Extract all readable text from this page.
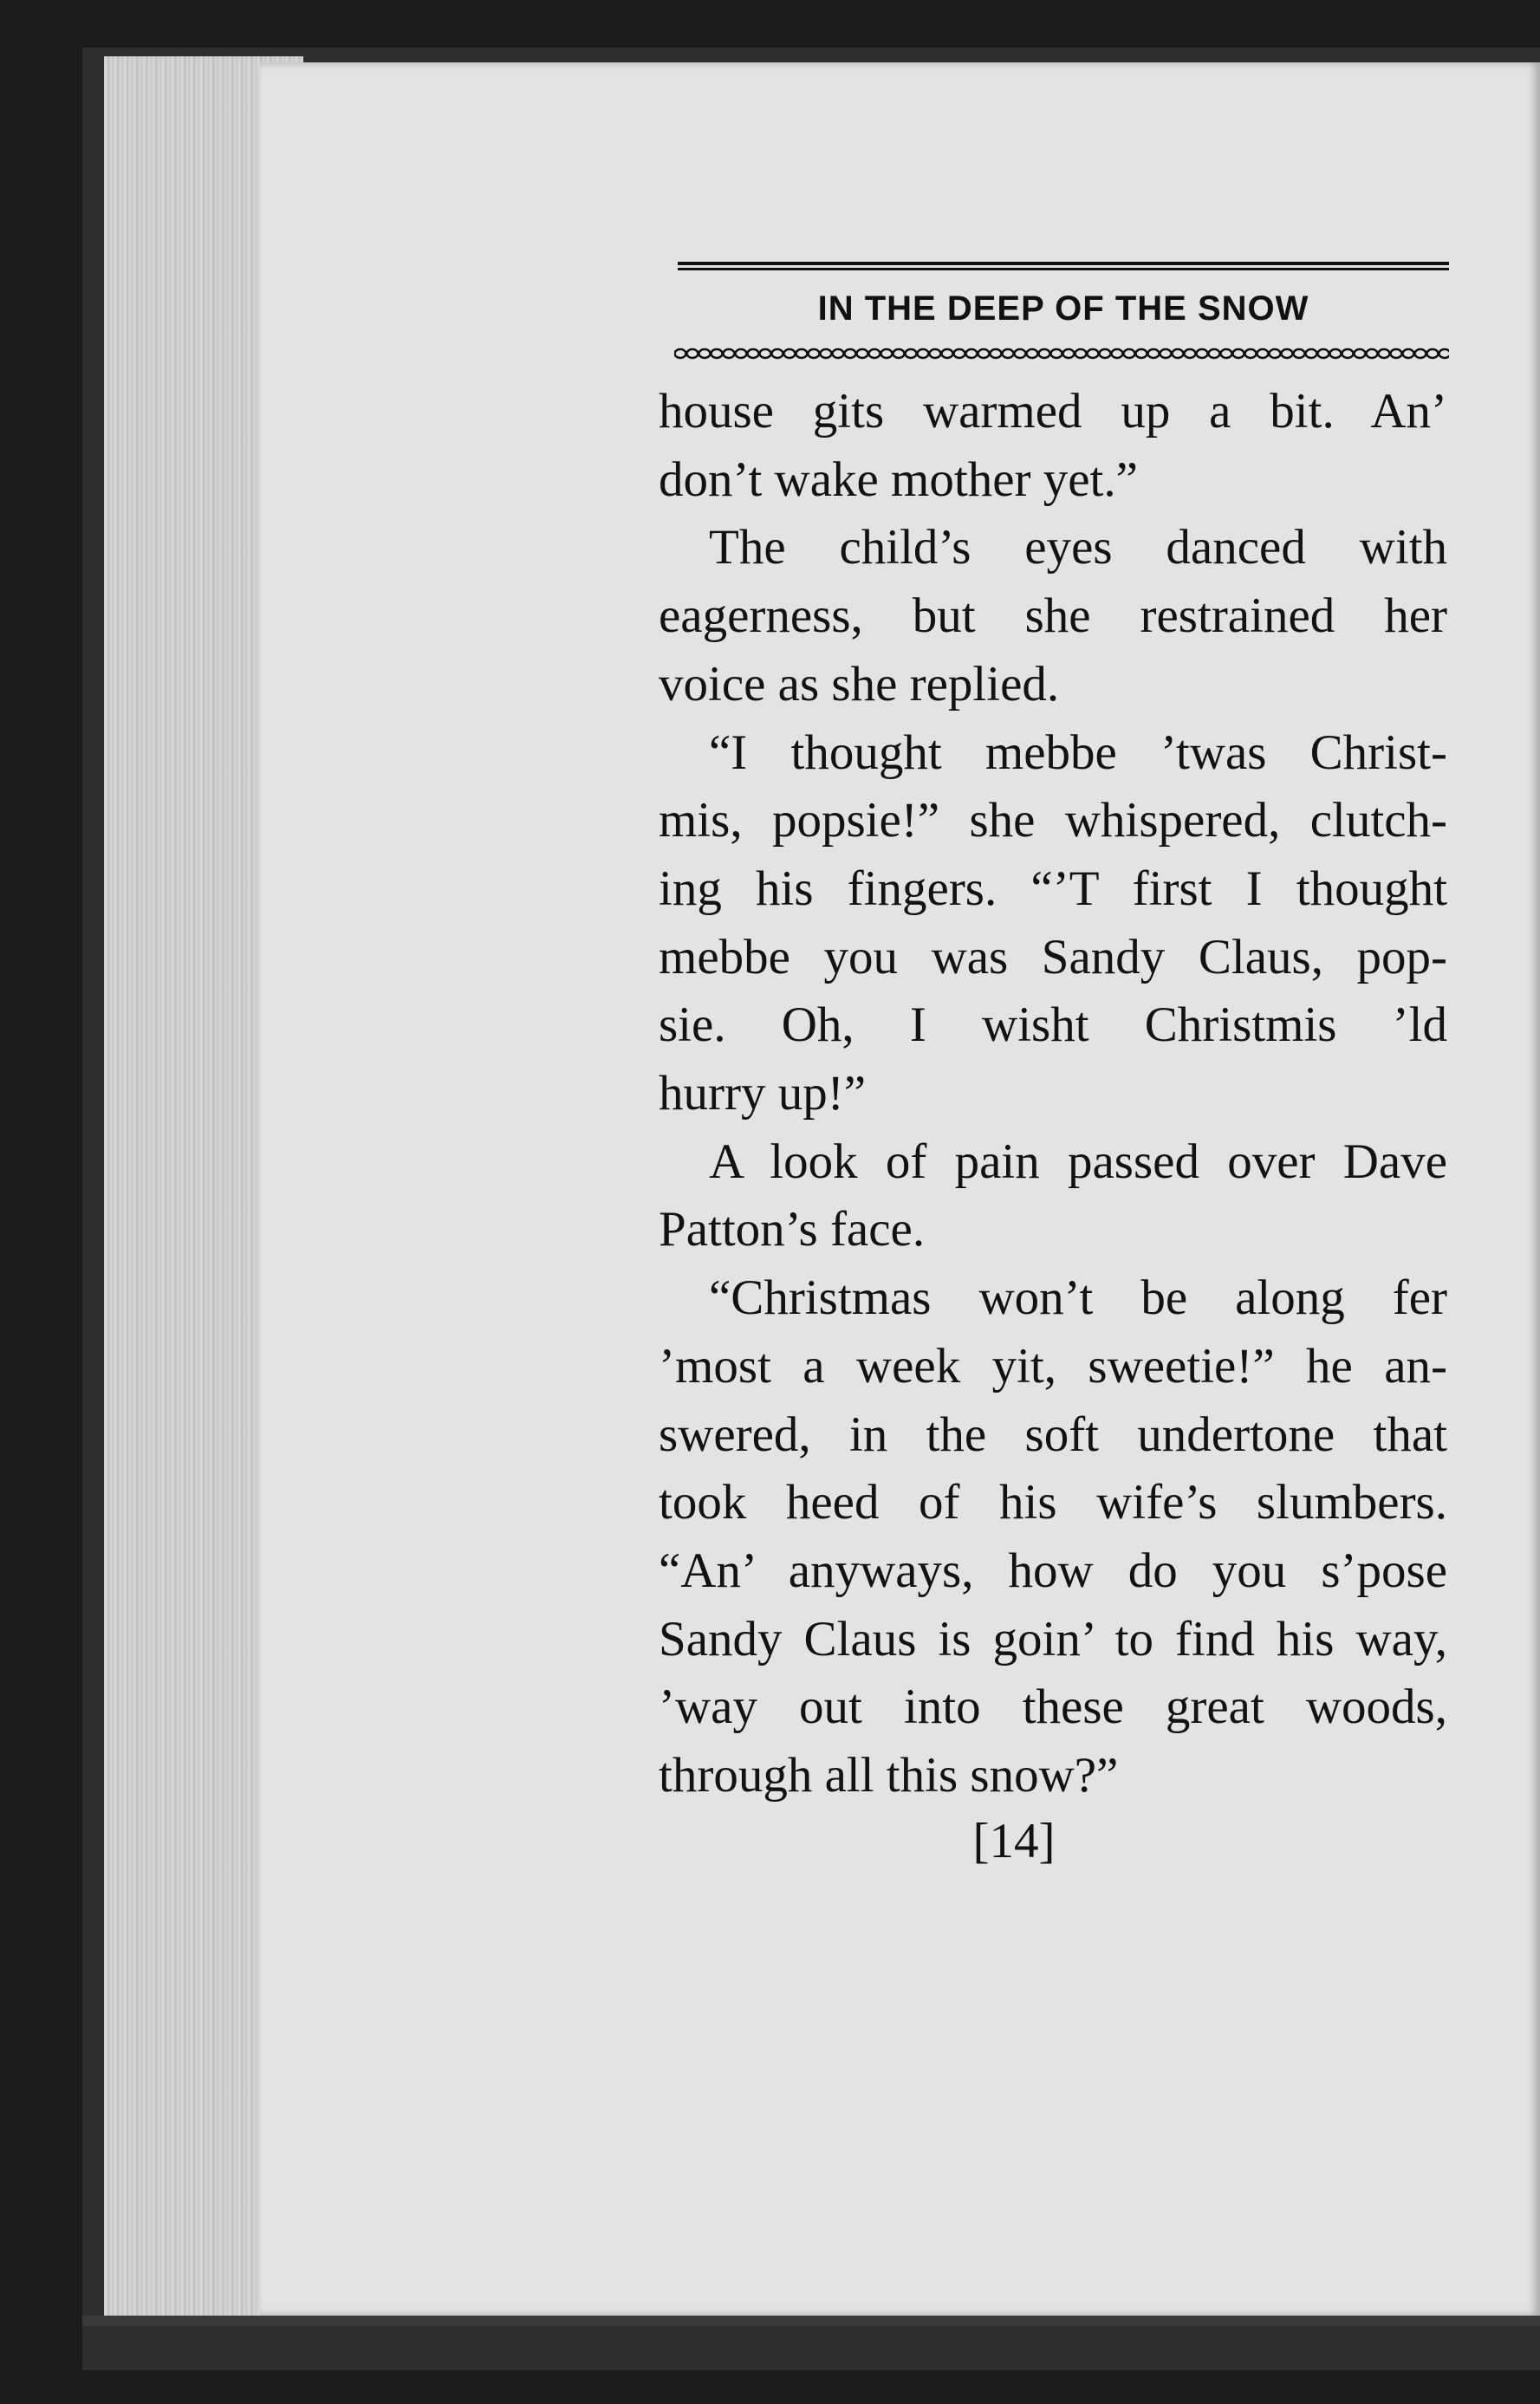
IN THE DEEP OF THE SNOW
house gits warmed up a bit. An’
don’t wake mother yet.”
The child’s eyes danced with
eagerness, but she restrained her
voice as she replied.
“I thought mebbe ’twas Christ-
mis, popsie!” she whispered, clutch-
ing his fingers. “’T first I thought
mebbe you was Sandy Claus, pop-
sie. Oh, I wisht Christmis ’ld
hurry up!”
A look of pain passed over Dave
Patton’s face.
“Christmas won’t be along fer
’most a week yit, sweetie!” he an-
swered, in the soft undertone that
took heed of his wife’s slumbers.
“An’ anyways, how do you s’pose
Sandy Claus is goin’ to find his way,
’way out into these great woods,
through all this snow?”
[14]
